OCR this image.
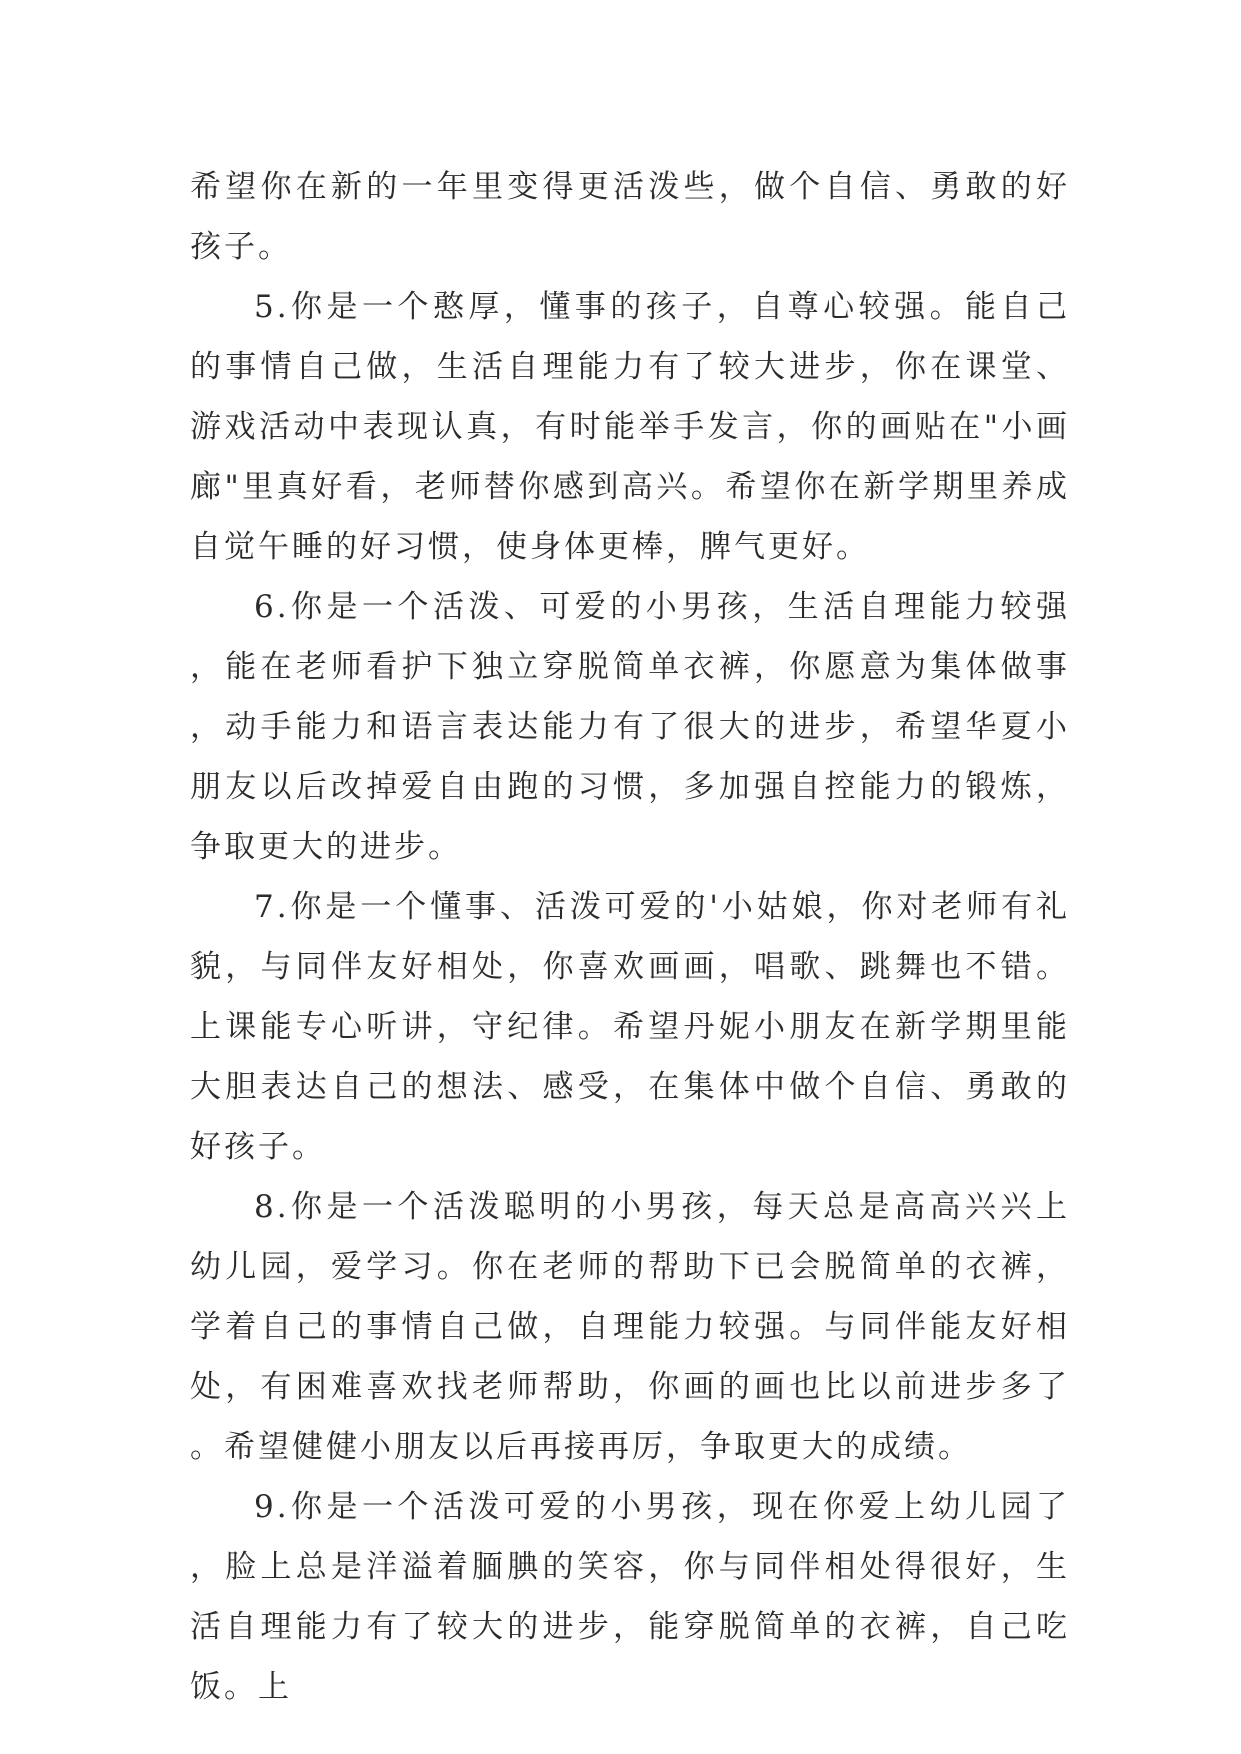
希望你在新的一年里变得更活泼些，做个自信、勇敢的好孩子。

5.你是一个憨厚，懂事的孩子，自尊心较强。能自己的事情自己做，生活自理能力有了较大进步，你在课堂、游戏活动中表现认真，有时能举手发言，你的画贴在"小画廊"里真好看，老师替你感到高兴。希望你在新学期里养成自觉午睡的好习惯，使身体更棒，脾气更好。

6.你是一个活泼、可爱的小男孩，生活自理能力较强，能在老师看护下独立穿脱简单衣裤，你愿意为集体做事，动手能力和语言表达能力有了很大的进步，希望华夏小朋友以后改掉爱自由跑的习惯，多加强自控能力的锻炼，争取更大的进步。

7.你是一个懂事、活泼可爱的'小姑娘，你对老师有礼貌，与同伴友好相处，你喜欢画画，唱歌、跳舞也不错。上课能专心听讲，守纪律。希望丹妮小朋友在新学期里能大胆表达自己的想法、感受，在集体中做个自信、勇敢的好孩子。

8.你是一个活泼聪明的小男孩，每天总是高高兴兴上幼儿园，爱学习。你在老师的帮助下已会脱简单的衣裤，学着自己的事情自己做，自理能力较强。与同伴能友好相处，有困难喜欢找老师帮助，你画的画也比以前进步多了。希望健健小朋友以后再接再厉，争取更大的成绩。

9.你是一个活泼可爱的小男孩，现在你爱上幼儿园了，脸上总是洋溢着腼腆的笑容，你与同伴相处得很好，生活自理能力有了较大的进步，能穿脱简单的衣裤，自己吃饭。上
